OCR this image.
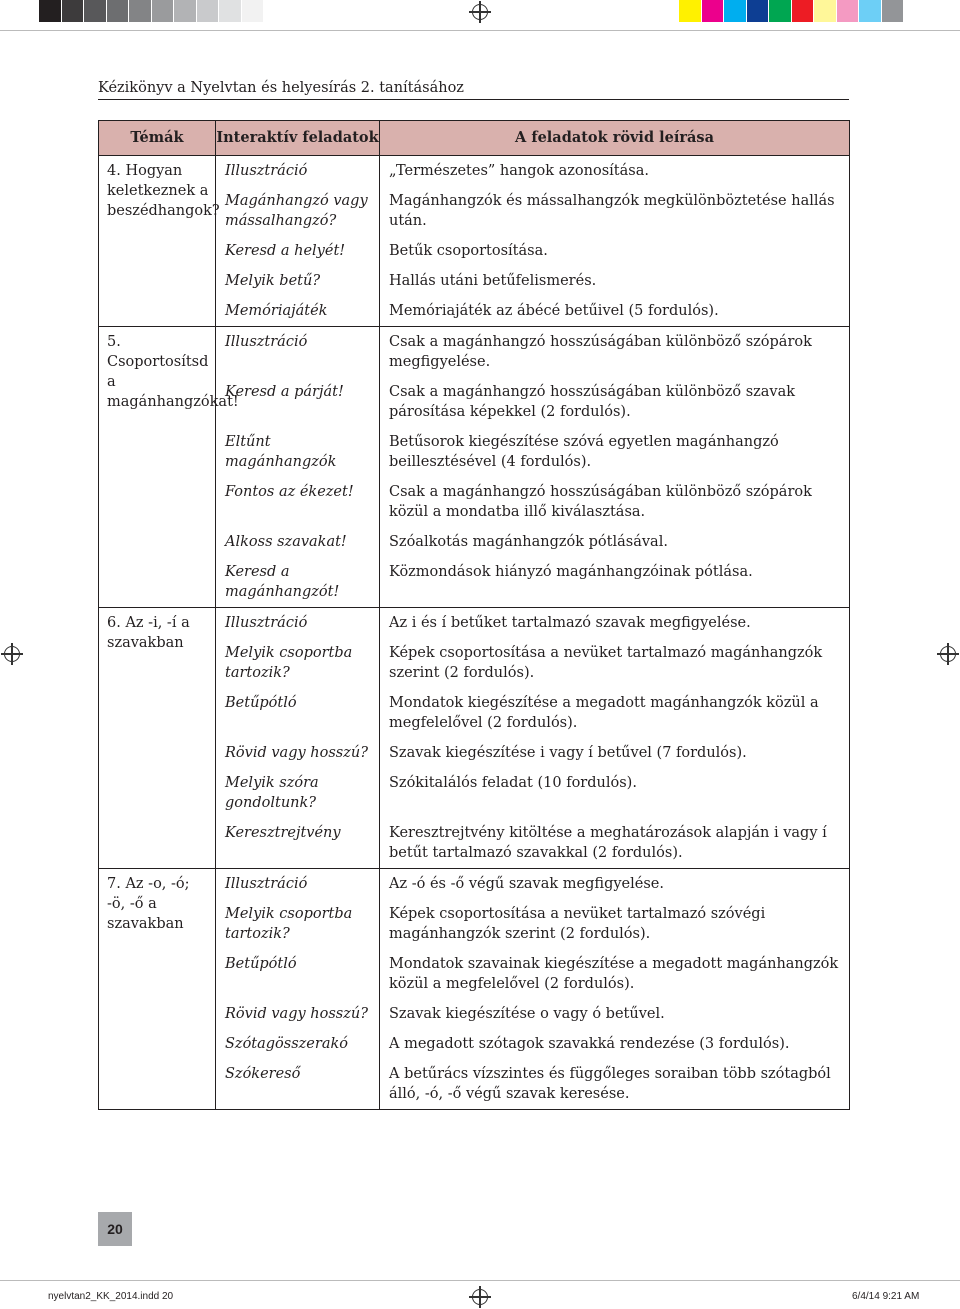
Kézikönyv a Nyelvtan és helyesírás 2. tanításához
Témák	Interaktív feladatok	A feladatok rövid leírása
4. Hogyan keletkeznek a beszédhangok?	Illusztráció	„Természetes” hangok azonosítása.
	Magánhangzó vagy mássalhangzó?	Magánhangzók és mássalhangzók megkülönböztetése hallás után.
	Keresd a helyét!	Betűk csoportosítása.
	Melyik betű?	Hallás utáni betűfelismerés.
	Memóriajáték	Memóriajáték az ábécé betűivel (5 fordulós).
5. Csoportosítsd a magánhangzókat!	Illusztráció	Csak a magánhangzó hosszúságában különböző szópárok megfigyelése.
	Keresd a párját!	Csak a magánhangzó hosszúságában különböző szavak párosítása képekkel (2 fordulós).
	Eltűnt magánhangzók	Betűsorok kiegészítése szóvá egyetlen magánhangzó beillesztésével (4 fordulós).
	Fontos az ékezet!	Csak a magánhangzó hosszúságában különböző szópárok közül a mondatba illő kiválasztása.
	Alkoss szavakat!	Szóalkotás magánhangzók pótlásával.
	Keresd a magánhangzót!	Közmondások hiányzó magánhangzóinak pótlása.
6. Az -i, -í a szavakban	Illusztráció	Az i és í betűket tartalmazó szavak megfigyelése.
	Melyik csoportba tartozik?	Képek csoportosítása a nevüket tartalmazó magánhangzók szerint (2 fordulós).
	Betűpótló	Mondatok kiegészítése a megadott magánhangzók közül a megfelelővel (2 fordulós).
	Rövid vagy hosszú?	Szavak kiegészítése i vagy í betűvel (7 fordulós).
	Melyik szóra gondoltunk?	Szókitalálós feladat (10 fordulós).
	Keresztrejtvény	Keresztrejtvény kitöltése a meghatározások alapján i vagy í betűt tartalmazó szavakkal (2 fordulós).
7. Az -o, -ó; -ö, -ő a szavakban	Illusztráció	Az -ó és -ő végű szavak megfigyelése.
	Melyik csoportba tartozik?	Képek csoportosítása a nevüket tartalmazó szóvégi magánhangzók szerint (2 fordulós).
	Betűpótló	Mondatok szavainak kiegészítése a megadott magánhangzók közül a megfelelővel (2 fordulós).
	Rövid vagy hosszú?	Szavak kiegészítése o vagy ó betűvel.
	Szótagösszerakó	A megadott szótagok szavakká rendezése (3 fordulós).
	Szókereső	A betűrács vízszintes és függőleges soraiban több szótagból álló, -ó, -ő végű szavak keresése.
20
nyelvtan2_KK_2014.indd 20	6/4/14 9:21 AM
